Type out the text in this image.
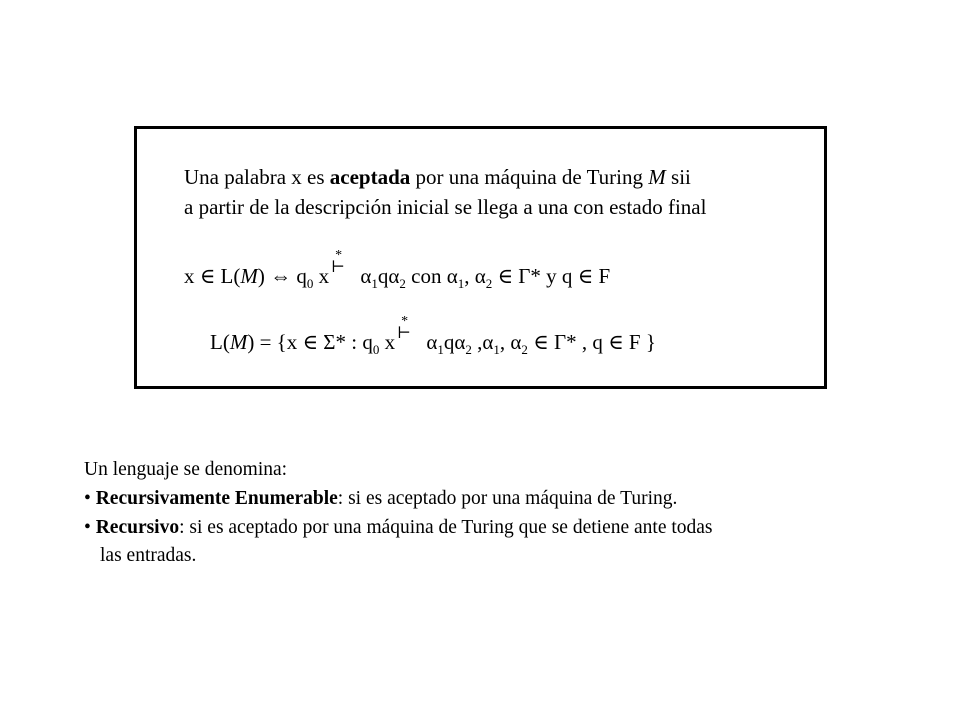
Una palabra x es aceptada por una máquina de Turing M sii
a partir de la descripción inicial se llega a una con estado final
x ∈ L(M) ⇔ $q_0$ x
*
⊢ $\alpha_1q\alpha_2$ con $\alpha_1$, $\alpha_2$ ∈ Γ* y q ∈ F
L(M) = {x ∈ Σ* : $q_0$ x
*
⊢ $\alpha_1q\alpha_2$ $,\alpha_1$, $\alpha_2$ ∈ Γ* , q ∈ F }
Un lenguaje se denomina:
• Recursivamente Enumerable: si es aceptado por una máquina de Turing.
• Recursivo: si es aceptado por una máquina de Turing que se detiene ante todas
las entradas.
